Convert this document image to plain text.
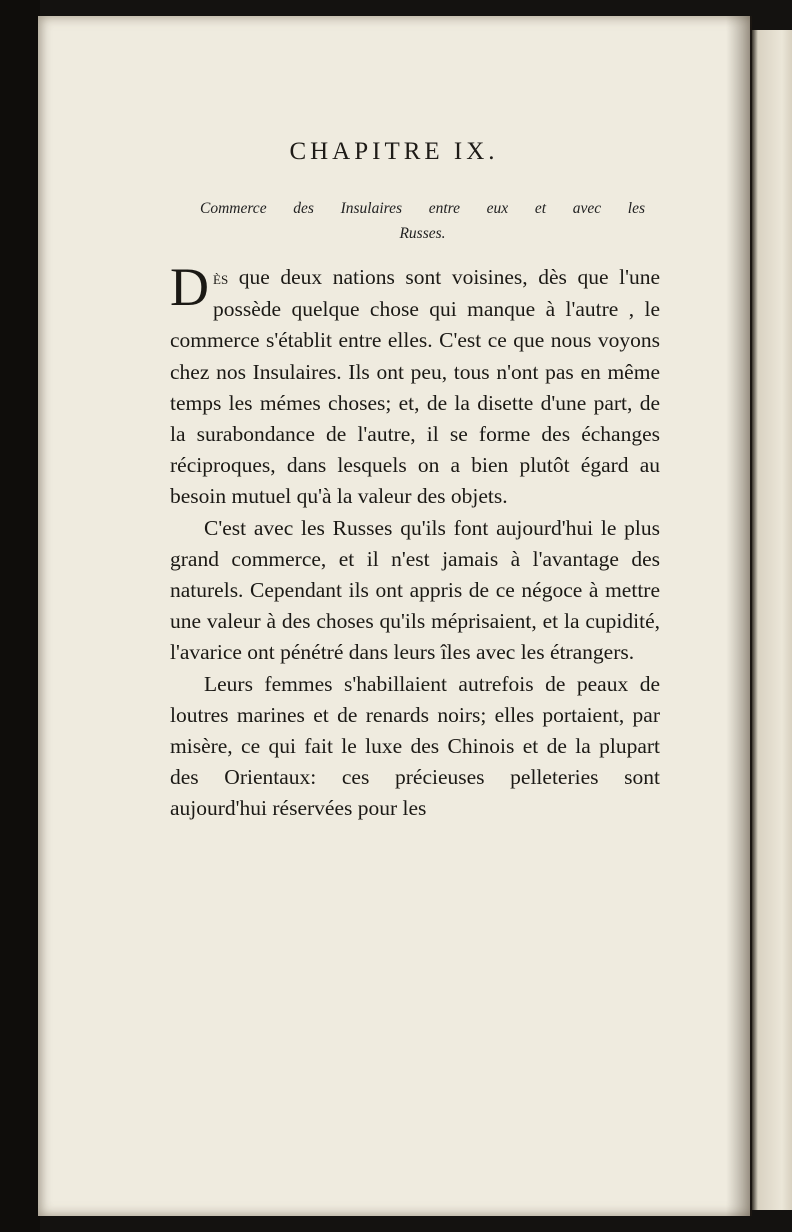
CHAPITRE IX.
Commerce des Insulaires entre eux et avec les
Russes.

Dès que deux nations sont voisines, dès que l'une possède quelque chose qui manque à l'autre , le commerce s'établit entre elles. C'est ce que nous voyons chez nos Insulaires. Ils ont peu, tous n'ont pas en même temps les mémes choses; et, de la disette d'une part, de la surabondance de l'autre, il se forme des échanges réciproques, dans lesquels on a bien plutôt égard au besoin mutuel qu'à la valeur des objets.

C'est avec les Russes qu'ils font aujourd'hui le plus grand commerce, et il n'est jamais à l'avantage des naturels. Cependant ils ont appris de ce négoce à mettre une valeur à des choses qu'ils méprisaient, et la cupidité, l'avarice ont pénétré dans leurs îles avec les étrangers.

Leurs femmes s'habillaient autrefois de peaux de loutres marines et de renards noirs; elles portaient, par misère, ce qui fait le luxe des Chinois et de la plupart des Orientaux: ces précieuses pelleteries sont aujourd'hui réservées pour les
